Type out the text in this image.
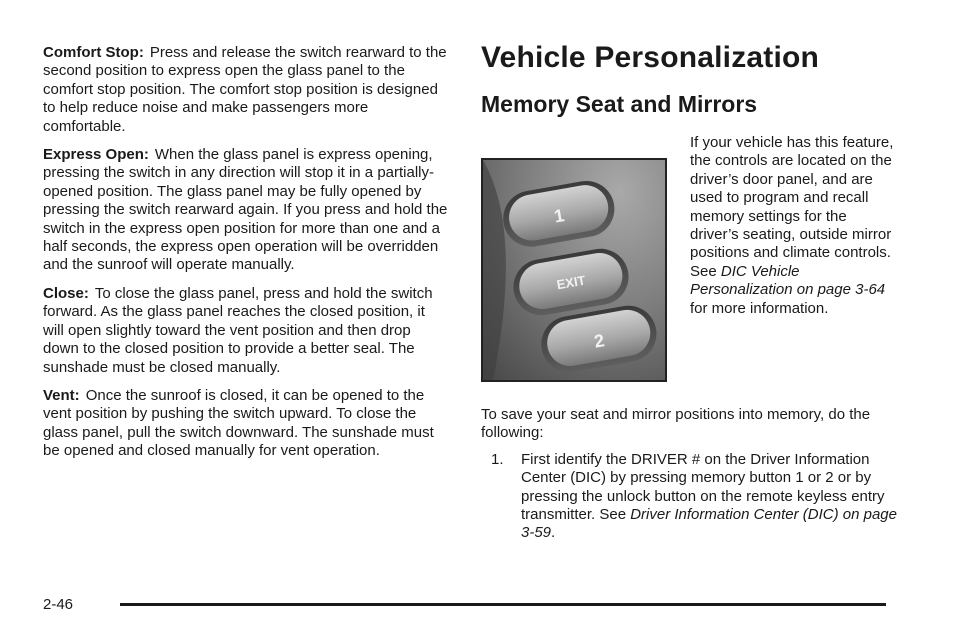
Comfort Stop: Press and release the switch rearward to the second position to express open the glass panel to the comfort stop position. The comfort stop position is designed to help reduce noise and make passengers more comfortable.

Express Open: When the glass panel is express opening, pressing the switch in any direction will stop it in a partially-opened position. The glass panel may be fully opened by pressing the switch rearward again. If you press and hold the switch in the express open position for more than one and a half seconds, the express open operation will be overridden and the sunroof will operate manually.

Close: To close the glass panel, press and hold the switch forward. As the glass panel reaches the closed position, it will open slightly toward the vent position and then drop down to the closed position to provide a better seal. The sunshade must be closed manually.

Vent: Once the sunroof is closed, it can be opened to the vent position by pushing the switch upward. To close the glass panel, pull the switch downward. The sunshade must be opened and closed manually for vent operation.

Vehicle Personalization
Memory Seat and Mirrors
1
EXIT
2
If your vehicle has this feature, the controls are located on the driver’s door panel, and are used to program and recall memory settings for the driver’s seating, outside mirror positions and climate controls. See DIC Vehicle Personalization on page 3-64 for more information.

To save your seat and mirror positions into memory, do the following:

1. First identify the DRIVER # on the Driver Information Center (DIC) by pressing memory button 1 or 2 or by pressing the unlock button on the remote keyless entry transmitter. See Driver Information Center (DIC) on page 3-59.
2-46
